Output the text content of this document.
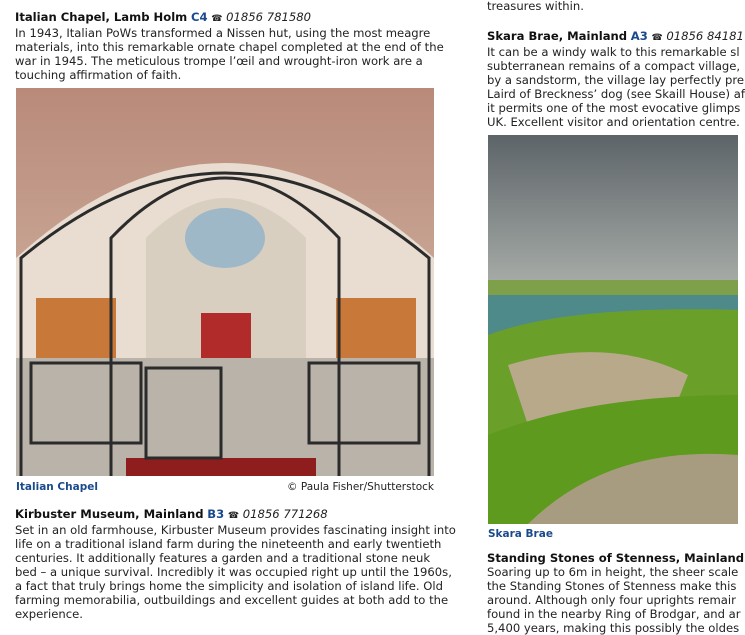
Italian Chapel, Lamb Holm C4 ☎ 01856 781580
In 1943, Italian PoWs transformed a Nissen hut, using the most meagre
materials, into this remarkable ornate chapel completed at the end of the
war in 1945. The meticulous trompe l’œil and wrought-iron work are a
touching affirmation of faith.
Italian Chapel	© Paula Fisher/Shutterstock
Kirbuster Museum, Mainland B3 ☎ 01856 771268
Set in an old farmhouse, Kirbuster Museum provides fascinating insight into
life on a traditional island farm during the nineteenth and early twentieth
centuries. It additionally features a garden and a traditional stone neuk
bed – a unique survival. Incredibly it was occupied right up until the 1960s,
a fact that truly brings home the simplicity and isolation of island life. Old
farming memorabilia, outbuildings and excellent guides at both add to the
experience.
treasures within.
Skara Brae, Mainland A3 ☎ 01856 84181
It can be a windy walk to this remarkable sl
subterranean remains of a compact village,
by a sandstorm, the village lay perfectly pre
Laird of Breckness’ dog (see Skaill House) af
it permits one of the most evocative glimps
UK. Excellent visitor and orientation centre.
Skara Brae
Standing Stones of Stenness, Mainland
Soaring up to 6m in height, the sheer scale
the Standing Stones of Stenness make this
around. Although only four uprights remair
found in the nearby Ring of Brodgar, and ar
5,400 years, making this possibly the oldes
